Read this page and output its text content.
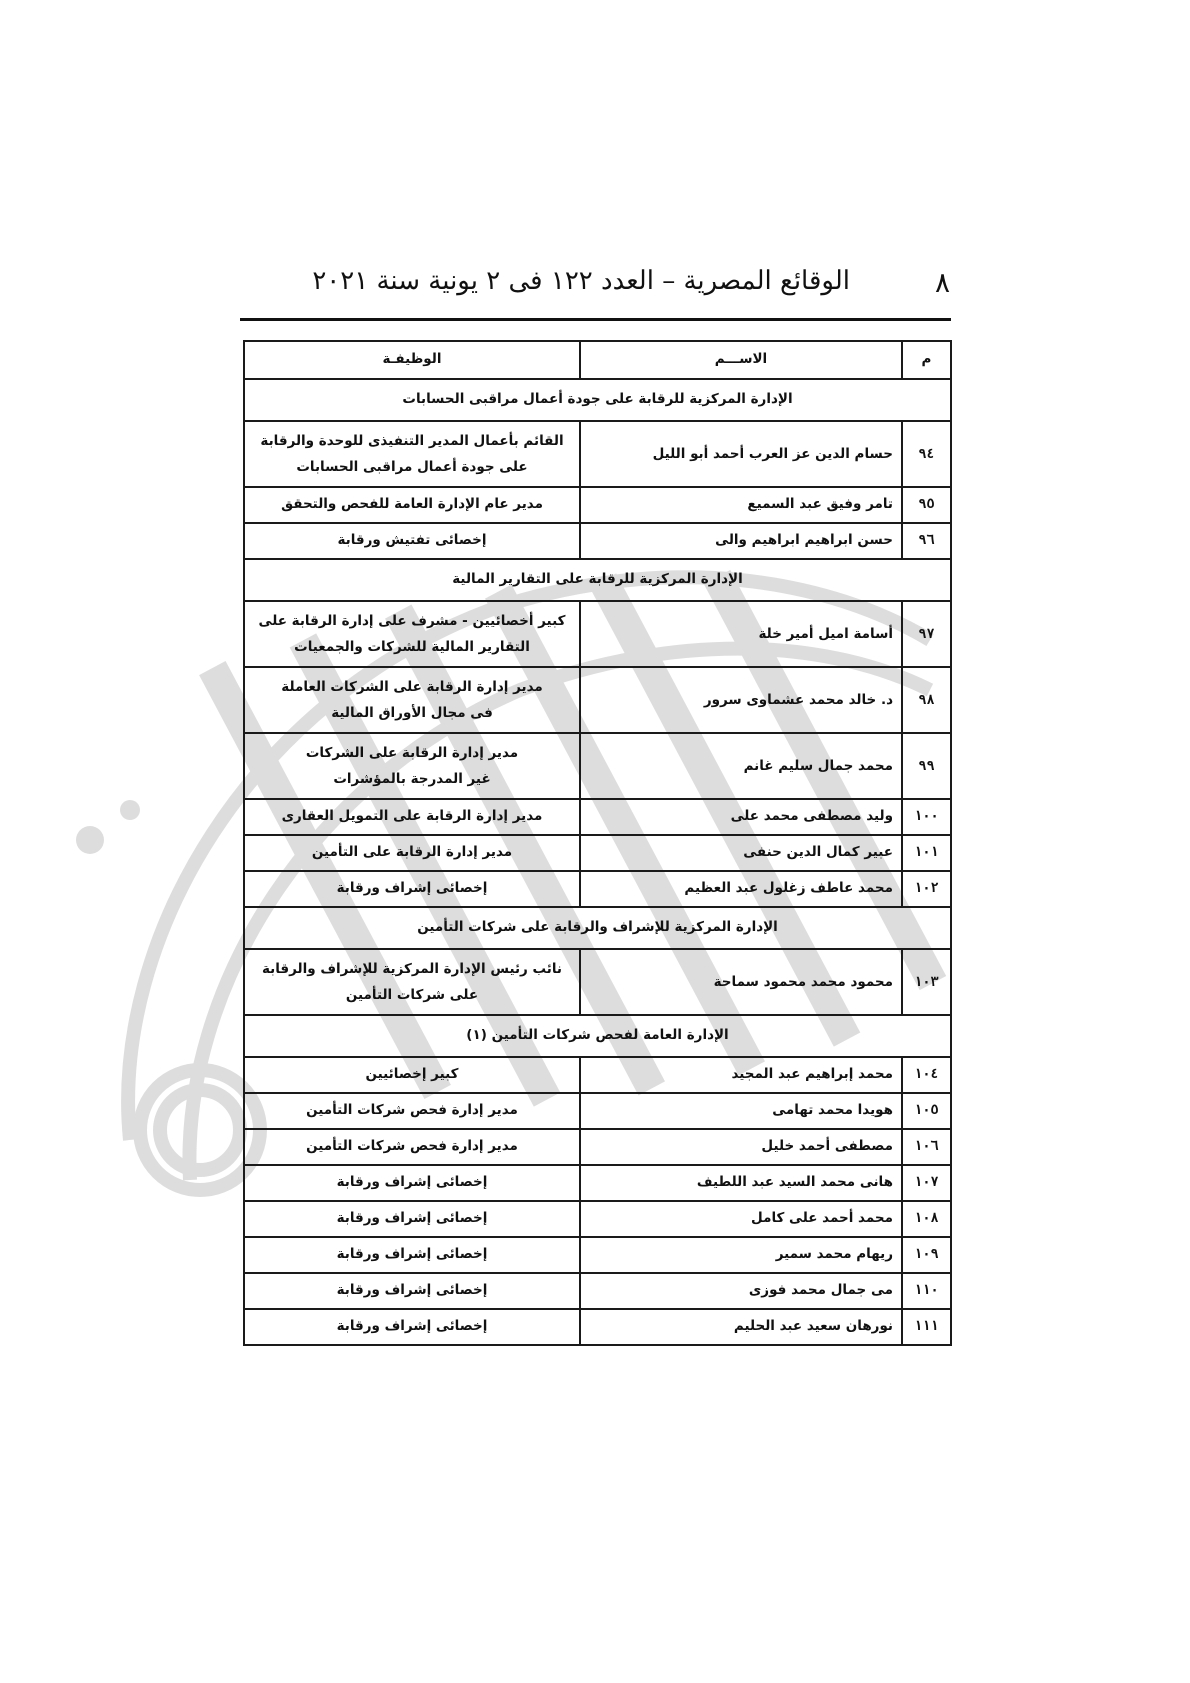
٨
الوقائع المصرية – العدد ١٢٢ فى ٢ يونية سنة ٢٠٢١
م	الاســـم	الوظيفـة
الإدارة المركزية للرقابة على جودة أعمال مراقبى الحسابات		
٩٤	حسام الدين عز العرب أحمد أبو الليل	القائم بأعمال المدير التنفيذى للوحدة والرقابة
على جودة أعمال مراقبى الحسابات

٩٥	تامر وفيق عبد السميع	مدير عام الإدارة العامة للفحص والتحقق

٩٦	حسن ابراهيم ابراهيم والى	إخصائى تفتيش ورقابة

الإدارة المركزية للرقابة على التقارير المالية		
٩٧	أسامة اميل أمير خلة	كبير أخصائيين - مشرف على إدارة الرقابة على
التقارير المالية للشركات والجمعيات

٩٨	د. خالد محمد عشماوى سرور	مدير إدارة الرقابة على الشركات العاملة
فى مجال الأوراق المالية

٩٩	محمد جمال سليم غانم	مدير إدارة الرقابة على الشركات
غير المدرجة بالمؤشرات

١٠٠	وليد مصطفى محمد على	مدير إدارة الرقابة على التمويل العقارى

١٠١	عبير كمال الدين حنفى	مدير إدارة الرقابة على التأمين

١٠٢	محمد عاطف زغلول عبد العظيم	إخصائى إشراف ورقابة

الإدارة المركزية للإشراف والرقابة على شركات التأمين		
١٠٣	محمود محمد محمود سماحة	نائب رئيس الإدارة المركزية للإشراف والرقابة
على شركات التأمين

الإدارة العامة لفحص شركات التأمين (١)		
١٠٤	محمد إبراهيم عبد المجيد	كبير إخصائيين

١٠٥	هويدا محمد تهامى	مدير إدارة فحص شركات التأمين

١٠٦	مصطفى أحمد خليل	مدير إدارة فحص شركات التأمين

١٠٧	هانى محمد السيد عبد اللطيف	إخصائى إشراف ورقابة

١٠٨	محمد أحمد على كامل	إخصائى إشراف ورقابة

١٠٩	ريهام محمد سمير	إخصائى إشراف ورقابة

١١٠	مى جمال محمد فوزى	إخصائى إشراف ورقابة

١١١	نورهان سعيد عبد الحليم	إخصائى إشراف ورقابة
